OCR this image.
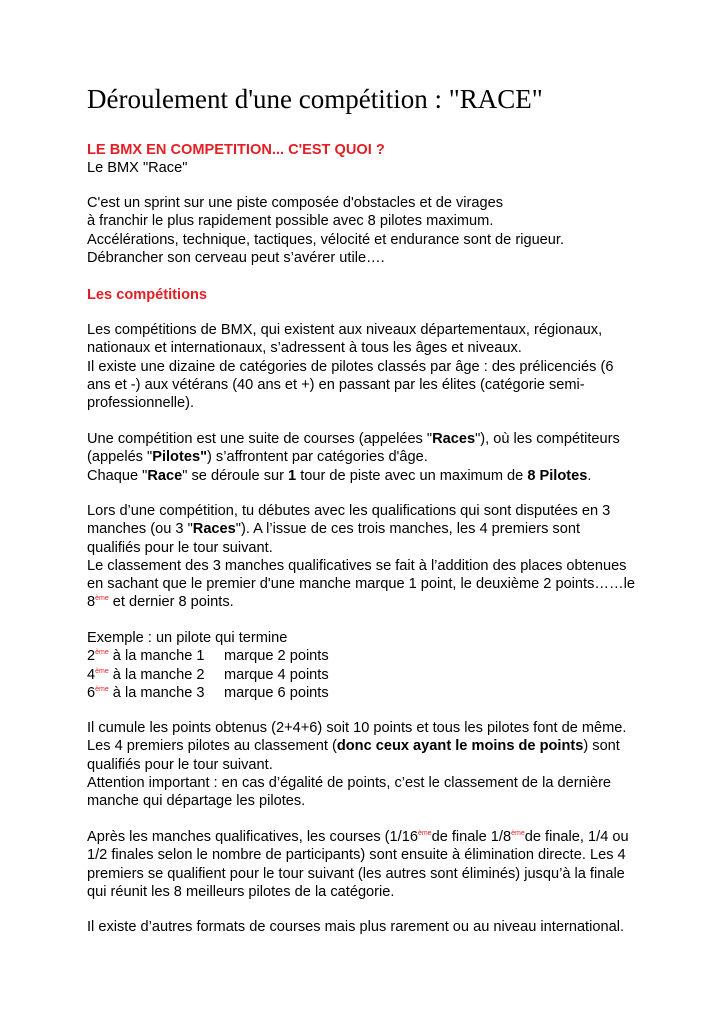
Déroulement d'une compétition : "RACE"
LE BMX EN COMPETITION... C'EST QUOI ?
Le BMX "Race"
C'est un sprint sur une piste composée d'obstacles et de virages
à franchir le plus rapidement possible avec 8 pilotes maximum.
Accélérations, technique, tactiques, vélocité et endurance sont de rigueur.
Débrancher son cerveau peut s’avérer utile….
Les compétitions
Les compétitions de BMX, qui existent aux niveaux départementaux, régionaux,
nationaux et internationaux, s’adressent à tous les âges et niveaux.
Il existe une dizaine de catégories de pilotes classés par âge : des prélicenciés (6
ans et -) aux vétérans (40 ans et +) en passant par les élites (catégorie semi-
professionnelle).
Une compétition est une suite de courses (appelées "Races"), où les compétiteurs
(appelés "Pilotes") s’affrontent par catégories d'âge.
Chaque "Race" se déroule sur 1 tour de piste avec un maximum de 8 Pilotes.
Lors d’une compétition, tu débutes avec les qualifications qui sont disputées en 3
manches (ou 3 "Races"). A l’issue de ces trois manches, les 4 premiers sont
qualifiés pour le tour suivant.
Le classement des 3 manches qualificatives se fait à l’addition des places obtenues
en sachant que le premier d'une manche marque 1 point, le deuxième 2 points……le
8ème et dernier 8 points.
Exemple : un pilote qui termine
2ème à la manche 1	marque 2 points
4ème à la manche 2	marque 4 points
6ème à la manche 3	marque 6 points
Il cumule les points obtenus (2+4+6) soit 10 points et tous les pilotes font de même.
Les 4 premiers pilotes au classement (donc ceux ayant le moins de points) sont
qualifiés pour le tour suivant.
Attention important : en cas d’égalité de points, c’est le classement de la dernière
manche qui départage les pilotes.
Après les manches qualificatives, les courses (1/16èmede finale 1/8èmede finale, 1/4 ou
1/2 finales selon le nombre de participants) sont ensuite à élimination directe. Les 4
premiers se qualifient pour le tour suivant (les autres sont éliminés) jusqu’à la finale
qui réunit les 8 meilleurs pilotes de la catégorie.
Il existe d’autres formats de courses mais plus rarement ou au niveau international.
